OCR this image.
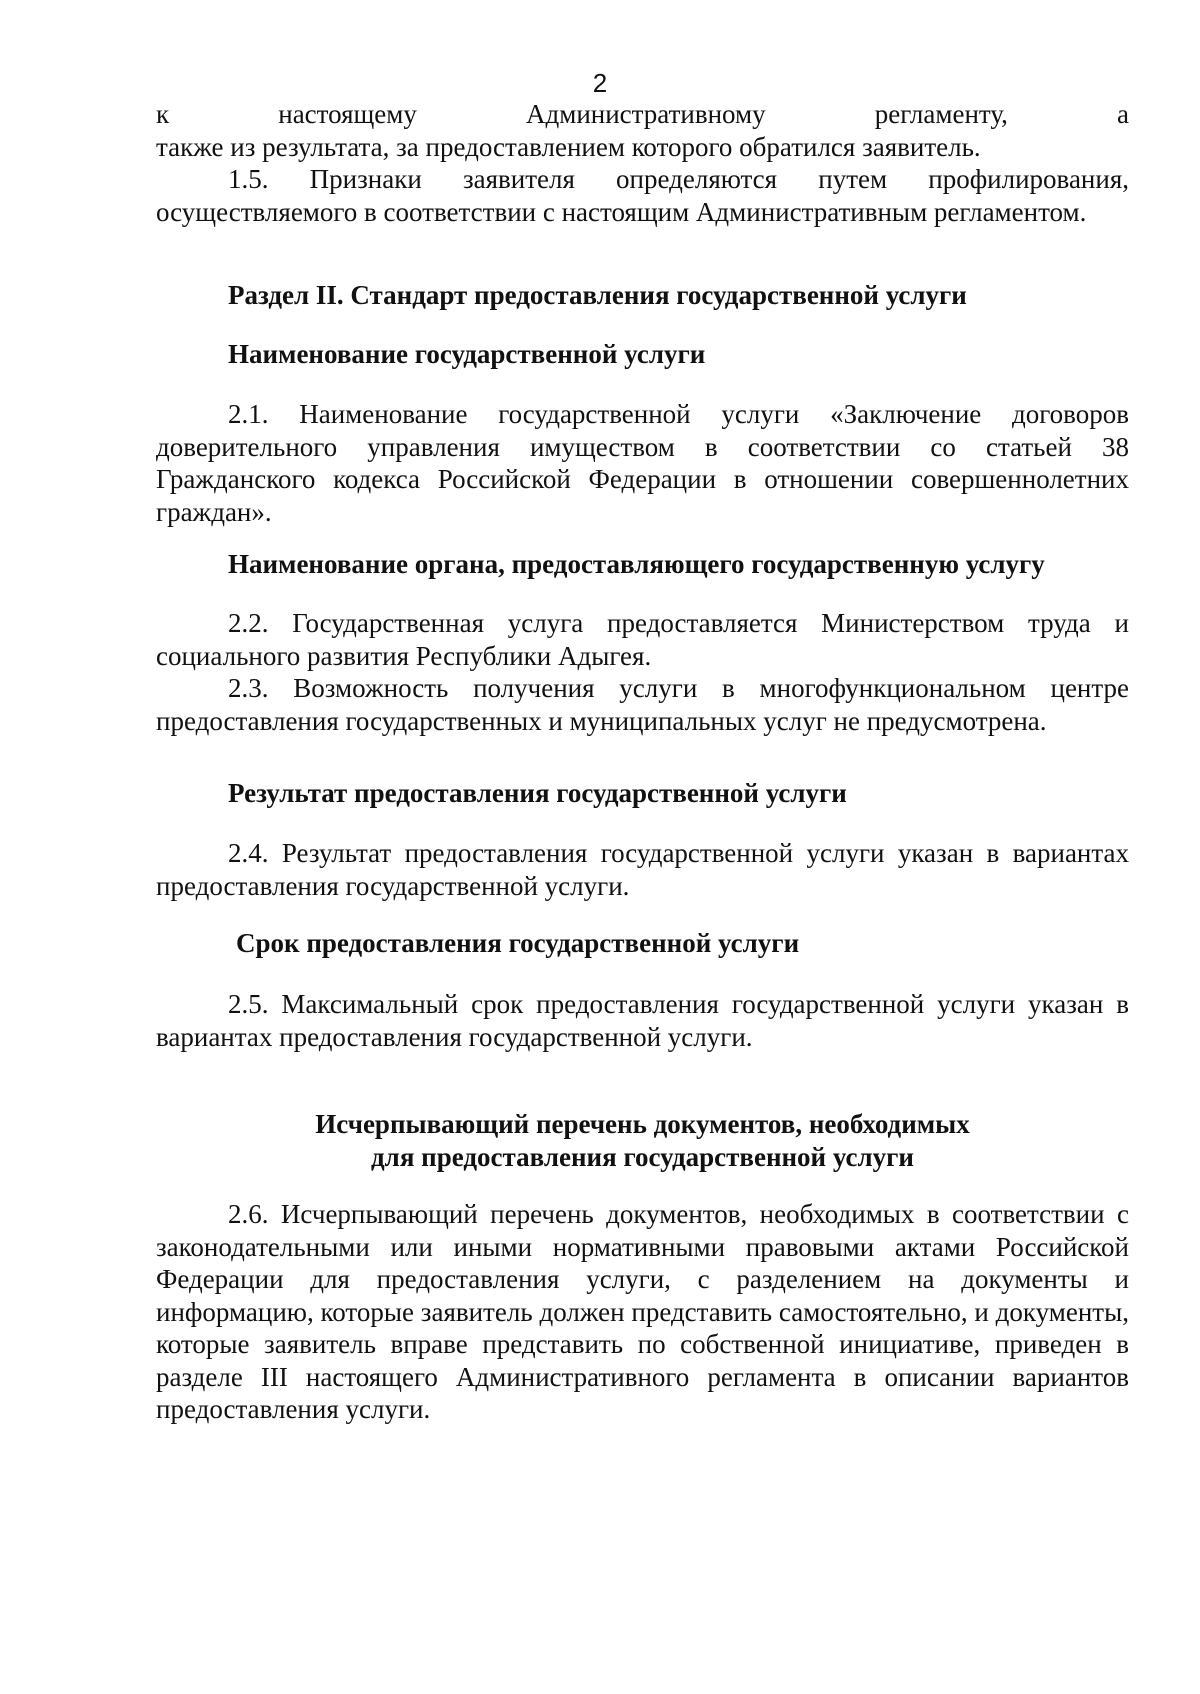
2

к настоящему Административному регламенту, а

также из результата, за предоставлением которого обратился заявитель.

1.5. Признаки заявителя определяются путем профилирования, осуществляемого в соответствии с настоящим Административным регламентом.

Раздел II. Стандарт предоставления государственной услуги
Наименование государственной услуги

2.1. Наименование государственной услуги «Заключение договоров доверительного управления имуществом в соответствии со статьей 38 Гражданского кодекса Российской Федерации в отношении совершеннолетних граждан».

Наименование органа, предоставляющего государственную услугу

2.2. Государственная услуга предоставляется Министерством труда и социального развития Республики Адыгея.

2.3. Возможность получения услуги в многофункциональном центре предоставления государственных и муниципальных услуг не предусмотрена.

Результат предоставления государственной услуги

2.4. Результат предоставления государственной услуги указан в вариантах предоставления государственной услуги.

Срок предоставления государственной услуги

2.5. Максимальный срок предоставления государственной услуги указан в вариантах предоставления государственной услуги.

Исчерпывающий перечень документов, необходимых
для предоставления государственной услуги

2.6. Исчерпывающий перечень документов, необходимых в соответствии с законодательными или иными нормативными правовыми актами Российской Федерации для предоставления услуги, с разделением на документы и информацию, которые заявитель должен представить самостоятельно, и документы, которые заявитель вправе представить по собственной инициативе, приведен в разделе III настоящего Административного регламента в описании вариантов предоставления услуги.
